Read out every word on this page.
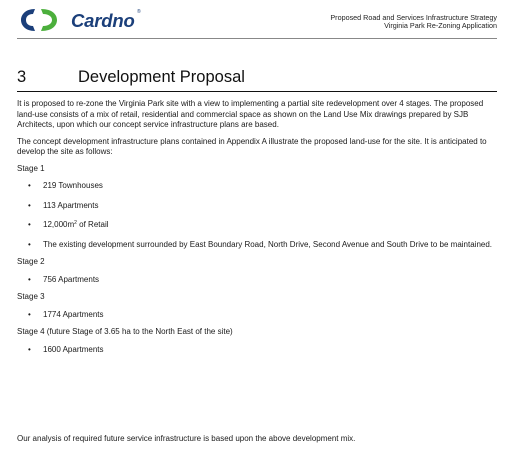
Cardno ®
Proposed Road and Services Infrastructure Strategy
Virginia Park Re-Zoning Application
3	Development Proposal

It is proposed to re-zone the Virginia Park site with a view to implementing a partial site redevelopment over 4 stages. The proposed land-use consists of a mix of retail, residential and commercial space as shown on the Land Use Mix drawings prepared by SJB Architects, upon which our concept service infrastructure plans are based.

The concept development infrastructure plans contained in Appendix A illustrate the proposed land-use for the site. It is anticipated to develop the site as follows:

Stage 1
• 219 Townhouses
• 113 Apartments
• $12,000m^2$ of Retail
• The existing development surrounded by East Boundary Road, North Drive, Second Avenue and South Drive to be maintained.
Stage 2
• 756 Apartments
Stage 3
• 1774 Apartments
Stage 4 (future Stage of 3.65 ha to the North East of the site)
• 1600 Apartments
Our analysis of required future service infrastructure is based upon the above development mix.
